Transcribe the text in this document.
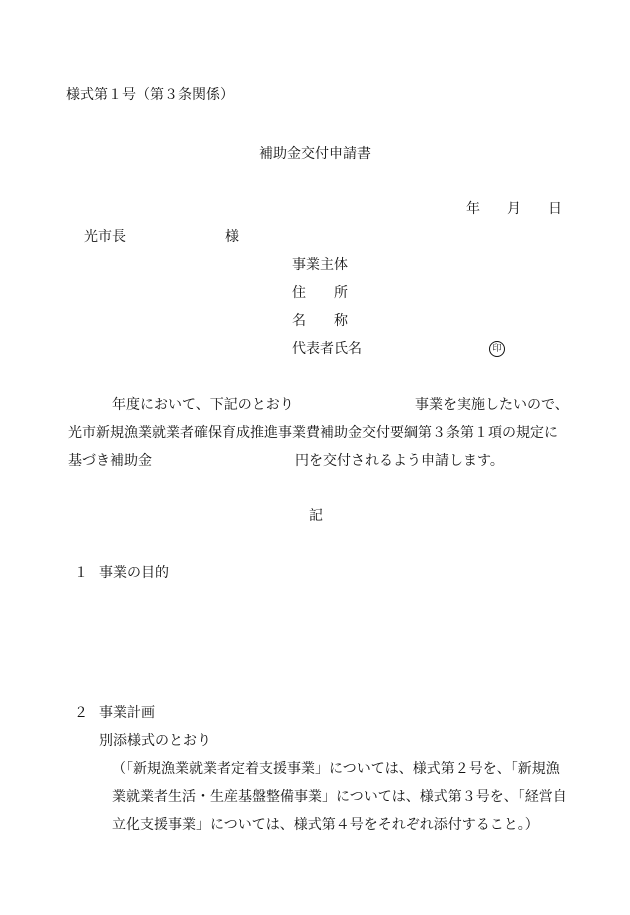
様式第１号（第３条関係）
補助金交付申請書
年 月 日
光市長	様
事業主体
住　　所
名　　称
代表者氏名	印
年度において、下記のとおり	事業を実施したいので、
光市新規漁業就業者確保育成推進事業費補助金交付要綱第３条第１項の規定に
基づき補助金	円を交付されるよう申請します。
記
１ 事業の目的
２ 事業計画
別添様式のとおり
（「新規漁業就業者定着支援事業」については、様式第２号を、「新規漁
業就業者生活・生産基盤整備事業」については、様式第３号を、「経営自
立化支援事業」については、様式第４号をそれぞれ添付すること。）
